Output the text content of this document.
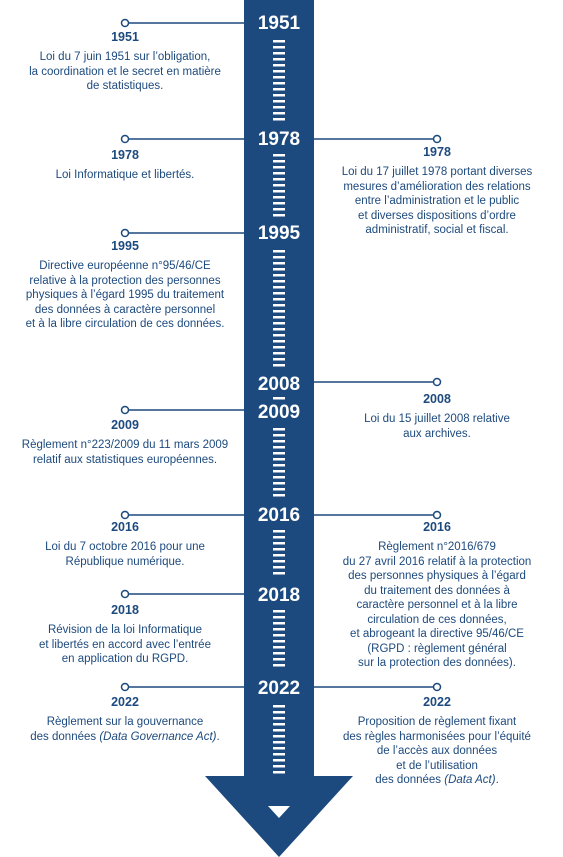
1951
1978
1995
2008
2009
2016
2018
2022
1951
Loi du 7 juin 1951 sur l’obligation,
la coordination et le secret en matière
de statistiques.
1978
Loi Informatique et libertés.
1995
Directive européenne n°95/46/CE
relative à la protection des personnes
physiques à l’égard 1995 du traitement
des données à caractère personnel
et à la libre circulation de ces données.
2009
Règlement n°223/2009 du 11 mars 2009
relatif aux statistiques européennes.
2016
Loi du 7 octobre 2016 pour une
République numérique.
2018
Révision de la loi Informatique
et libertés en accord avec l’entrée
en application du RGPD.
2022
Règlement sur la gouvernance
des données (Data Governance Act).
1978
Loi du 17 juillet 1978 portant diverses
mesures d’amélioration des relations
entre l’administration et le public
et diverses dispositions d’ordre
administratif, social et fiscal.
2008
Loi du 15 juillet 2008 relative
aux archives.
2016
Règlement n°2016/679
du 27 avril 2016 relatif à la protection
des personnes physiques à l’égard
du traitement des données à
caractère personnel et à la libre
circulation de ces données,
et abrogeant la directive 95/46/CE
(RGPD : règlement général
sur la protection des données).
2022
Proposition de règlement fixant
des règles harmonisées pour l’équité
de l’accès aux données
et de l’utilisation
des données (Data Act).
